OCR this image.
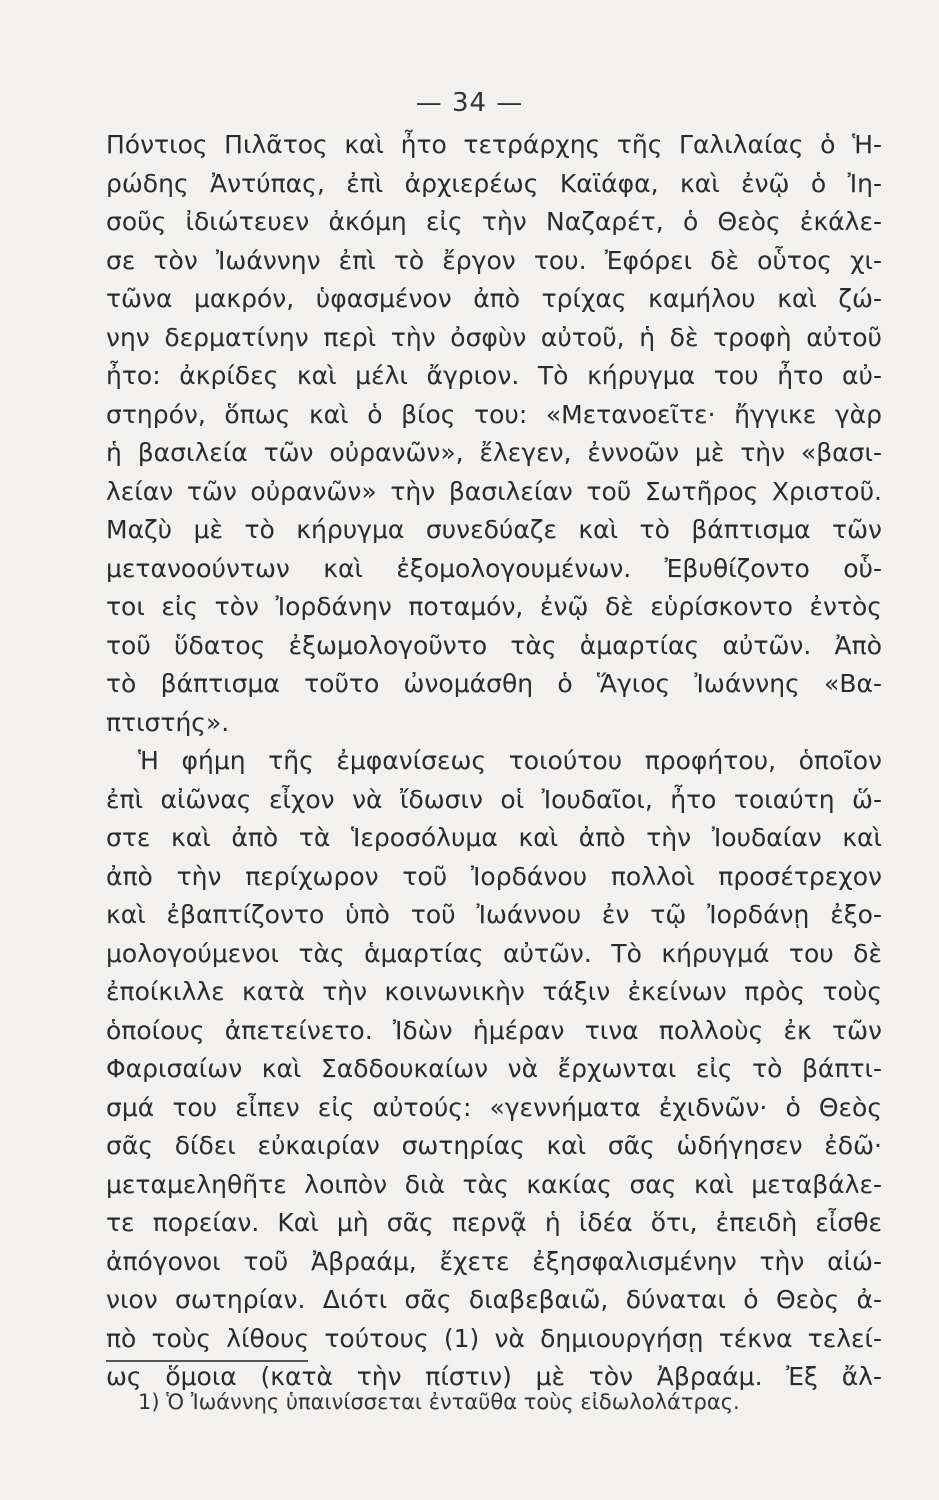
— 34 —
Πόντιος Πιλᾶτος καὶ ἦτο τετράρχης τῆς Γαλιλαίας ὁ Ἡ-
ρώδης Ἀντύπας, ἐπὶ ἀρχιερέως Καϊάφα, καὶ ἐνῷ ὁ Ἰη-
σοῦς ἰδιώτευεν ἀκόμη εἰς τὴν Ναζαρέτ, ὁ Θεὸς ἐκάλε-
σε τὸν Ἰωάννην ἐπὶ τὸ ἔργον του. Ἐφόρει δὲ οὗτος χι-
τῶνα μακρόν, ὑφασμένον ἀπὸ τρίχας καμήλου καὶ ζώ-
νην δερματίνην περὶ τὴν ὀσφὺν αὐτοῦ, ἡ δὲ τροφὴ αὐτοῦ
ἦτο: ἀκρίδες καὶ μέλι ἄγριον. Τὸ κήρυγμα του ἦτο αὐ-
στηρόν, ὅπως καὶ ὁ βίος του: «Μετανοεῖτε· ἤγγικε γὰρ
ἡ βασιλεία τῶν οὐρανῶν», ἔλεγεν, ἐννοῶν μὲ τὴν «βασι-
λείαν τῶν οὐρανῶν» τὴν βασιλείαν τοῦ Σωτῆρος Χριστοῦ.
Μαζὺ μὲ τὸ κήρυγμα συνεδύαζε καὶ τὸ βάπτισμα τῶν
μετανοούντων καὶ ἐξομολογουμένων. Ἐβυθίζοντο οὗ-
τοι εἰς τὸν Ἰορδάνην ποταμόν, ἐνῷ δὲ εὑρίσκοντο ἐντὸς
τοῦ ὕδατος ἐξωμολογοῦντο τὰς ἁμαρτίας αὐτῶν. Ἀπὸ
τὸ βάπτισμα τοῦτο ὠνομάσθη ὁ Ἅγιος Ἰωάννης «Βα-
πτιστής».
Ἡ φήμη τῆς ἐμφανίσεως τοιούτου προφήτου, ὁποῖον
ἐπὶ αἰῶνας εἶχον νὰ ἴδωσιν οἱ Ἰουδαῖοι, ἦτο τοιαύτη ὥ-
στε καὶ ἀπὸ τὰ Ἱεροσόλυμα καὶ ἀπὸ τὴν Ἰουδαίαν καὶ
ἀπὸ τὴν περίχωρον τοῦ Ἰορδάνου πολλοὶ προσέτρεχον
καὶ ἐβαπτίζοντο ὑπὸ τοῦ Ἰωάννου ἐν τῷ Ἰορδάνῃ ἐξο-
μολογούμενοι τὰς ἁμαρτίας αὐτῶν. Τὸ κήρυγμά του δὲ
ἐποίκιλλε κατὰ τὴν κοινωνικὴν τάξιν ἐκείνων πρὸς τοὺς
ὁποίους ἀπετείνετο. Ἰδὼν ἡμέραν τινα πολλοὺς ἐκ τῶν
Φαρισαίων καὶ Σαδδουκαίων νὰ ἔρχωνται εἰς τὸ βάπτι-
σμά του εἶπεν εἰς αὐτούς: «γεννήματα ἐχιδνῶν· ὁ Θεὸς
σᾶς δίδει εὐκαιρίαν σωτηρίας καὶ σᾶς ὡδήγησεν ἐδῶ·
μεταμεληθῆτε λοιπὸν διὰ τὰς κακίας σας καὶ μεταβάλε-
τε πορείαν. Καὶ μὴ σᾶς περνᾷ ἡ ἰδέα ὅτι, ἐπειδὴ εἶσθε
ἀπόγονοι τοῦ Ἀβραάμ, ἔχετε ἐξησφαλισμένην τὴν αἰώ-
νιον σωτηρίαν. Διότι σᾶς διαβεβαιῶ, δύναται ὁ Θεὸς ἀ-
πὸ τοὺς λίθους τούτους (1) νὰ δημιουργήσῃ τέκνα τελεί-
ως ὅμοια (κατὰ τὴν πίστιν) μὲ τὸν Ἀβραάμ. Ἐξ ἄλ-
1) Ὁ Ἰωάννης ὑπαινίσσεται ἐνταῦθα τοὺς εἰδωλολάτρας.
